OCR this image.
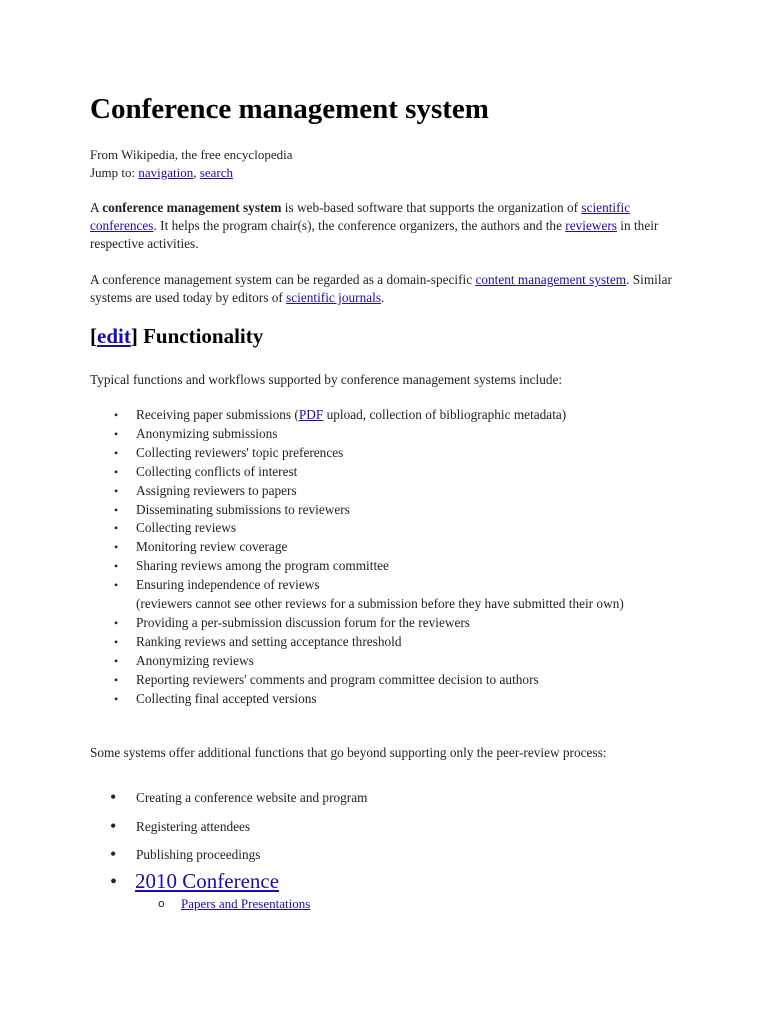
Conference management system
From Wikipedia, the free encyclopedia
Jump to: navigation, search

A conference management system is web-based software that supports the organization of scientific conferences. It helps the program chair(s), the conference organizers, the authors and the reviewers in their respective activities.

A conference management system can be regarded as a domain-specific content management system. Similar systems are used today by editors of scientific journals.

[edit] Functionality
Typical functions and workflows supported by conference management systems include:
• Receiving paper submissions (PDF upload, collection of bibliographic metadata)
• Anonymizing submissions
• Collecting reviewers' topic preferences
• Collecting conflicts of interest
• Assigning reviewers to papers
• Disseminating submissions to reviewers
• Collecting reviews
• Monitoring review coverage
• Sharing reviews among the program committee
• Ensuring independence of reviews
(reviewers cannot see other reviews for a submission before they have submitted their own)
• Providing a per-submission discussion forum for the reviewers
• Ranking reviews and setting acceptance threshold
• Anonymizing reviews
• Reporting reviewers' comments and program committee decision to authors
• Collecting final accepted versions
Some systems offer additional functions that go beyond supporting only the peer-review process:
• Creating a conference website and program
• Registering attendees
• Publishing proceedings
• 2010 Conference
o Papers and Presentations
